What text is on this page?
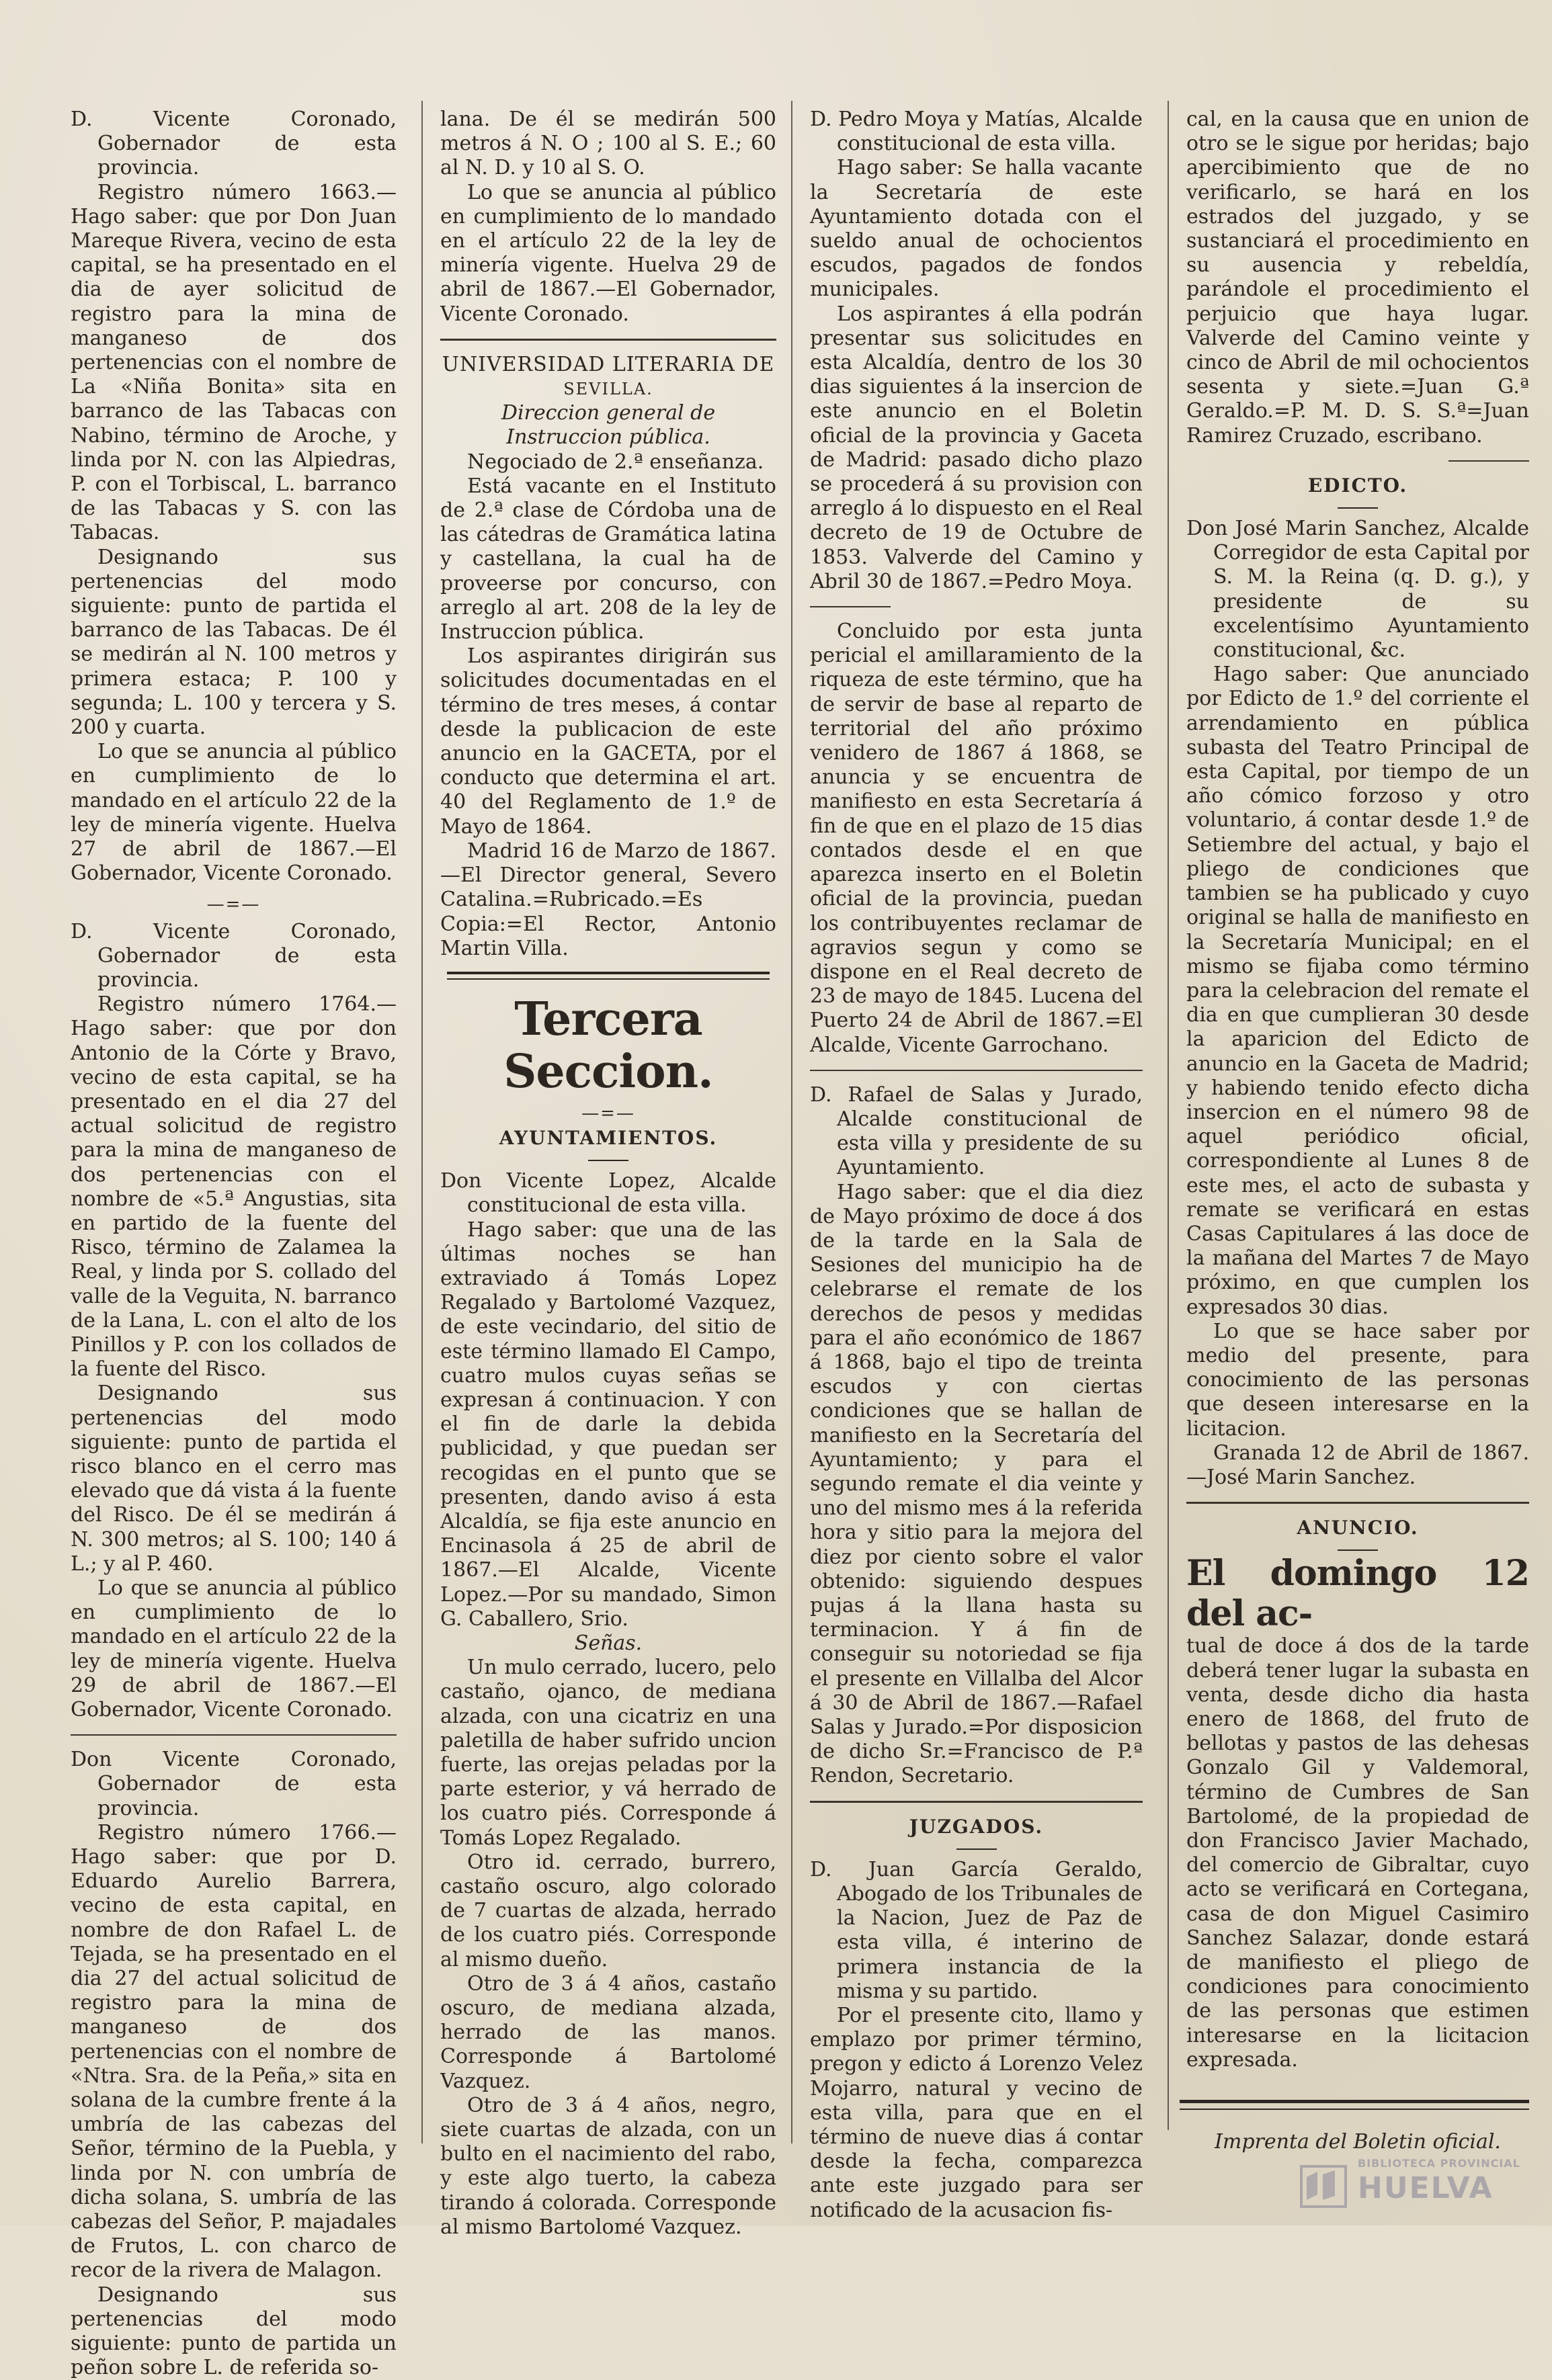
D. Vicente Coronado, Gobernador de esta provincia.

Registro número 1663.—Hago saber: que por Don Juan Mareque Rivera, vecino de esta capital, se ha presentado en el dia de ayer solicitud de registro para la mina de manganeso de dos pertenencias con el nombre de La «Niña Bonita» sita en barranco de las Tabacas con Nabino, término de Aroche, y linda por N. con las Alpiedras, P. con el Torbiscal, L. barranco de las Tabacas y S. con las Tabacas.

Designando sus pertenencias del modo siguiente: punto de partida el barranco de las Tabacas. De él se medirán al N. 100 metros y primera estaca; P. 100 y segunda; L. 100 y tercera y S. 200 y cuarta.

Lo que se anuncia al público en cumplimiento de lo mandado en el artículo 22 de la ley de minería vigente. Huelva 27 de abril de 1867.—El Gobernador, Vicente Coronado.

—=—

D. Vicente Coronado, Gobernador de esta provincia.

Registro número 1764.—Hago saber: que por don Antonio de la Córte y Bravo, vecino de esta capital, se ha presentado en el dia 27 del actual solicitud de registro para la mina de manganeso de dos pertenencias con el nombre de «5.ª Angustias, sita en partido de la fuente del Risco, término de Zalamea la Real, y linda por S. collado del valle de la Veguita, N. barranco de la Lana, L. con el alto de los Pinillos y P. con los collados de la fuente del Risco.

Designando sus pertenencias del modo siguiente: punto de partida el risco blanco en el cerro mas elevado que dá vista á la fuente del Risco. De él se medirán á N. 300 metros; al S. 100; 140 á L.; y al P. 460.

Lo que se anuncia al público en cumplimiento de lo mandado en el artículo 22 de la ley de minería vigente. Huelva 29 de abril de 1867.—El Gobernador, Vicente Coronado.

Don Vicente Coronado, Gobernador de esta provincia.

Registro número 1766.—Hago saber: que por D. Eduardo Aurelio Barrera, vecino de esta capital, en nombre de don Rafael L. de Tejada, se ha presentado en el dia 27 del actual solicitud de registro para la mina de manganeso de dos pertenencias con el nombre de «Ntra. Sra. de la Peña,» sita en solana de la cumbre frente á la umbría de las cabezas del Señor, término de la Puebla, y linda por N. con umbría de dicha solana, S. umbría de las cabezas del Señor, P. majadales de Frutos, L. con charco de recor de la rivera de Malagon.

Designando sus pertenencias del modo siguiente: punto de partida un peñon sobre L. de referida so-

lana. De él se medirán 500 metros á N. O ; 100 al S. E.; 60 al N. D. y 10 al S. O.

Lo que se anuncia al público en cumplimiento de lo mandado en el artículo 22 de la ley de minería vigente. Huelva 29 de abril de 1867.—El Gobernador, Vicente Coronado.

UNIVERSIDAD LITERARIA DE

SEVILLA.

Direccion general de Instruccion pública.

Negociado de 2.ª enseñanza.

Está vacante en el Instituto de 2.ª clase de Córdoba una de las cátedras de Gramática latina y castellana, la cual ha de proveerse por concurso, con arreglo al art. 208 de la ley de Instruccion pública.

Los aspirantes dirigirán sus solicitudes documentadas en el término de tres meses, á contar desde la publicacion de este anuncio en la GACETA, por el conducto que determina el art. 40 del Reglamento de 1.º de Mayo de 1864.

Madrid 16 de Marzo de 1867.—El Director general, Severo Catalina.=Rubricado.=Es Copia:=El Rector, Antonio Martin Villa.

Tercera Seccion.
—=—
AYUNTAMIENTOS.

Don Vicente Lopez, Alcalde constitucional de esta villa.

Hago saber: que una de las últimas noches se han extraviado á Tomás Lopez Regalado y Bartolomé Vazquez, de este vecindario, del sitio de este término llamado El Campo, cuatro mulos cuyas señas se expresan á continuacion. Y con el fin de darle la debida publicidad, y que puedan ser recogidas en el punto que se presenten, dando aviso á esta Alcaldía, se fija este anuncio en Encinasola á 25 de abril de 1867.—El Alcalde, Vicente Lopez.—Por su mandado, Simon G. Caballero, Srio.

Señas.

Un mulo cerrado, lucero, pelo castaño, ojanco, de mediana alzada, con una cicatriz en una paletilla de haber sufrido uncion fuerte, las orejas peladas por la parte esterior, y vá herrado de los cuatro piés. Corresponde á Tomás Lopez Regalado.

Otro id. cerrado, burrero, castaño oscuro, algo colorado de 7 cuartas de alzada, herrado de los cuatro piés. Corresponde al mismo dueño.

Otro de 3 á 4 años, castaño oscuro, de mediana alzada, herrado de las manos. Corresponde á Bartolomé Vazquez.

Otro de 3 á 4 años, negro, siete cuartas de alzada, con un bulto en el nacimiento del rabo, y este algo tuerto, la cabeza tirando á colorada. Corresponde al mismo Bartolomé Vazquez.

D. Pedro Moya y Matías, Alcalde constitucional de esta villa.

Hago saber: Se halla vacante la Secretaría de este Ayuntamiento dotada con el sueldo anual de ochocientos escudos, pagados de fondos municipales.

Los aspirantes á ella podrán presentar sus solicitudes en esta Alcaldía, dentro de los 30 dias siguientes á la insercion de este anuncio en el Boletin oficial de la provincia y Gaceta de Madrid: pasado dicho plazo se procederá á su provision con arreglo á lo dispuesto en el Real decreto de 19 de Octubre de 1853. Valverde del Camino y Abril 30 de 1867.=Pedro Moya.

Concluido por esta junta pericial el amillaramiento de la riqueza de este término, que ha de servir de base al reparto de territorial del año próximo venidero de 1867 á 1868, se anuncia y se encuentra de manifiesto en esta Secretaría á fin de que en el plazo de 15 dias contados desde el en que aparezca inserto en el Boletin oficial de la provincia, puedan los contribuyentes reclamar de agravios segun y como se dispone en el Real decreto de 23 de mayo de 1845. Lucena del Puerto 24 de Abril de 1867.=El Alcalde, Vicente Garrochano.

D. Rafael de Salas y Jurado, Alcalde constitucional de esta villa y presidente de su Ayuntamiento.

Hago saber: que el dia diez de Mayo próximo de doce á dos de la tarde en la Sala de Sesiones del municipio ha de celebrarse el remate de los derechos de pesos y medidas para el año económico de 1867 á 1868, bajo el tipo de treinta escudos y con ciertas condiciones que se hallan de manifiesto en la Secretaría del Ayuntamiento; y para el segundo remate el dia veinte y uno del mismo mes á la referida hora y sitio para la mejora del diez por ciento sobre el valor obtenido: siguiendo despues pujas á la llana hasta su terminacion. Y á fin de conseguir su notoriedad se fija el presente en Villalba del Alcor á 30 de Abril de 1867.—Rafael Salas y Jurado.=Por disposicion de dicho Sr.=Francisco de P.ª Rendon, Secretario.

JUZGADOS.

D. Juan García Geraldo, Abogado de los Tribunales de la Nacion, Juez de Paz de esta villa, é interino de primera instancia de la misma y su partido.

Por el presente cito, llamo y emplazo por primer término, pregon y edicto á Lorenzo Velez Mojarro, natural y vecino de esta villa, para que en el término de nueve dias á contar desde la fecha, comparezca ante este juzgado para ser notificado de la acusacion fis-

cal, en la causa que en union de otro se le sigue por heridas; bajo apercibimiento que de no verificarlo, se hará en los estrados del juzgado, y se sustanciará el procedimiento en su ausencia y rebeldía, parándole el procedimiento el perjuicio que haya lugar. Valverde del Camino veinte y cinco de Abril de mil ochocientos sesenta y siete.=Juan G.ª Geraldo.=P. M. D. S. S.ª=Juan Ramirez Cruzado, escribano.

EDICTO.

Don José Marin Sanchez, Alcalde Corregidor de esta Capital por S. M. la Reina (q. D. g.), y presidente de su excelentísimo Ayuntamiento constitucional, &c.

Hago saber: Que anunciado por Edicto de 1.º del corriente el arrendamiento en pública subasta del Teatro Principal de esta Capital, por tiempo de un año cómico forzoso y otro voluntario, á contar desde 1.º de Setiembre del actual, y bajo el pliego de condiciones que tambien se ha publicado y cuyo original se halla de manifiesto en la Secretaría Municipal; en el mismo se fijaba como término para la celebracion del remate el dia en que cumplieran 30 desde la aparicion del Edicto de anuncio en la Gaceta de Madrid; y habiendo tenido efecto dicha insercion en el número 98 de aquel periódico oficial, correspondiente al Lunes 8 de este mes, el acto de subasta y remate se verificará en estas Casas Capitulares á las doce de la mañana del Martes 7 de Mayo próximo, en que cumplen los expresados 30 dias.

Lo que se hace saber por medio del presente, para conocimiento de las personas que deseen interesarse en la licitacion.

Granada 12 de Abril de 1867.—José Marin Sanchez.

ANUNCIO.

El domingo 12 del ac-

tual de doce á dos de la tarde deberá tener lugar la subasta en venta, desde dicho dia hasta enero de 1868, del fruto de bellotas y pastos de las dehesas Gonzalo Gil y Valdemoral, término de Cumbres de San Bartolomé, de la propiedad de don Francisco Javier Machado, del comercio de Gibraltar, cuyo acto se verificará en Cortegana, casa de don Miguel Casimiro Sanchez Salazar, donde estará de manifiesto el pliego de condiciones para conocimiento de las personas que estimen interesarse en la licitacion expresada.

Imprenta del Boletin oficial.
BIBLIOTECA PROVINCIAL
HUELVA
